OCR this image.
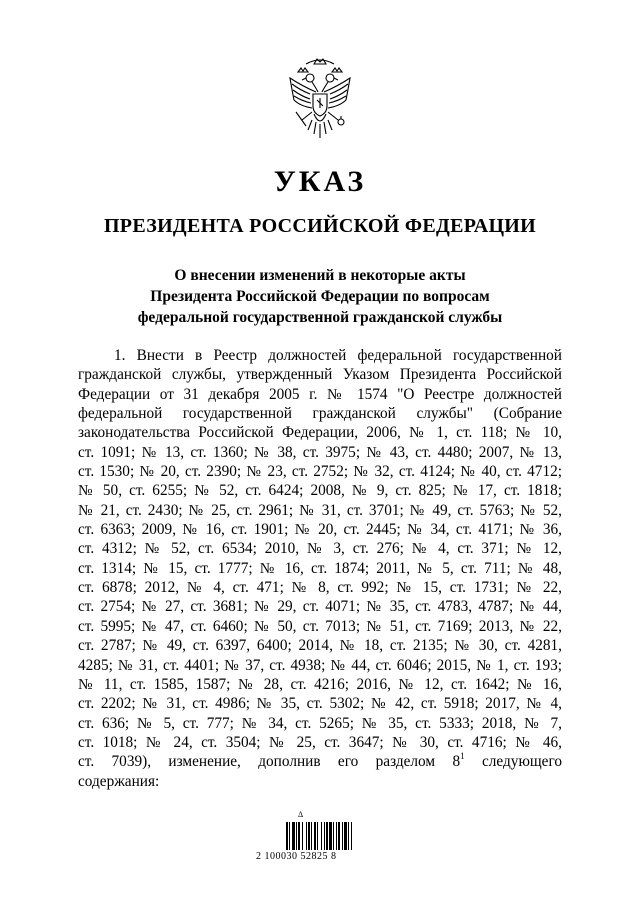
УКАЗ
ПРЕЗИДЕНТА РОССИЙСКОЙ ФЕДЕРАЦИИ
О внесении изменений в некоторые акты
Президента Российской Федерации по вопросам
федеральной государственной гражданской службы
1. Внести в Реестр должностей федеральной государственной
гражданской службы, утвержденный Указом Президента Российской
Федерации от 31 декабря 2005 г. № 1574 "О Реестре должностей
федеральной государственной гражданской службы" (Собрание
законодательства Российской Федерации, 2006, № 1, ст. 118; № 10,
ст. 1091; № 13, ст. 1360; № 38, ст. 3975; № 43, ст. 4480; 2007, № 13,
ст. 1530; № 20, ст. 2390; № 23, ст. 2752; № 32, ст. 4124; № 40, ст. 4712;
№ 50, ст. 6255; № 52, ст. 6424; 2008, № 9, ст. 825; № 17, ст. 1818;
№ 21, ст. 2430; № 25, ст. 2961; № 31, ст. 3701; № 49, ст. 5763; № 52,
ст. 6363; 2009, № 16, ст. 1901; № 20, ст. 2445; № 34, ст. 4171; № 36,
ст. 4312; № 52, ст. 6534; 2010, № 3, ст. 276; № 4, ст. 371; № 12,
ст. 1314; № 15, ст. 1777; № 16, ст. 1874; 2011, № 5, ст. 711; № 48,
ст. 6878; 2012, № 4, ст. 471; № 8, ст. 992; № 15, ст. 1731; № 22,
ст. 2754; № 27, ст. 3681; № 29, ст. 4071; № 35, ст. 4783, 4787; № 44,
ст. 5995; № 47, ст. 6460; № 50, ст. 7013; № 51, ст. 7169; 2013, № 22,
ст. 2787; № 49, ст. 6397, 6400; 2014, № 18, ст. 2135; № 30, ст. 4281,
4285; № 31, ст. 4401; № 37, ст. 4938; № 44, ст. 6046; 2015, № 1, ст. 193;
№ 11, ст. 1585, 1587; № 28, ст. 4216; 2016, № 12, ст. 1642; № 16,
ст. 2202; № 31, ст. 4986; № 35, ст. 5302; № 42, ст. 5918; 2017, № 4,
ст. 636; № 5, ст. 777; № 34, ст. 5265; № 35, ст. 5333; 2018, № 7,
ст. 1018; № 24, ст. 3504; № 25, ст. 3647; № 30, ст. 4716; № 46,
ст. 7039), изменение, дополнив его разделом $8^1$ следующего
содержания:
Δ
2 100030 52825 8
